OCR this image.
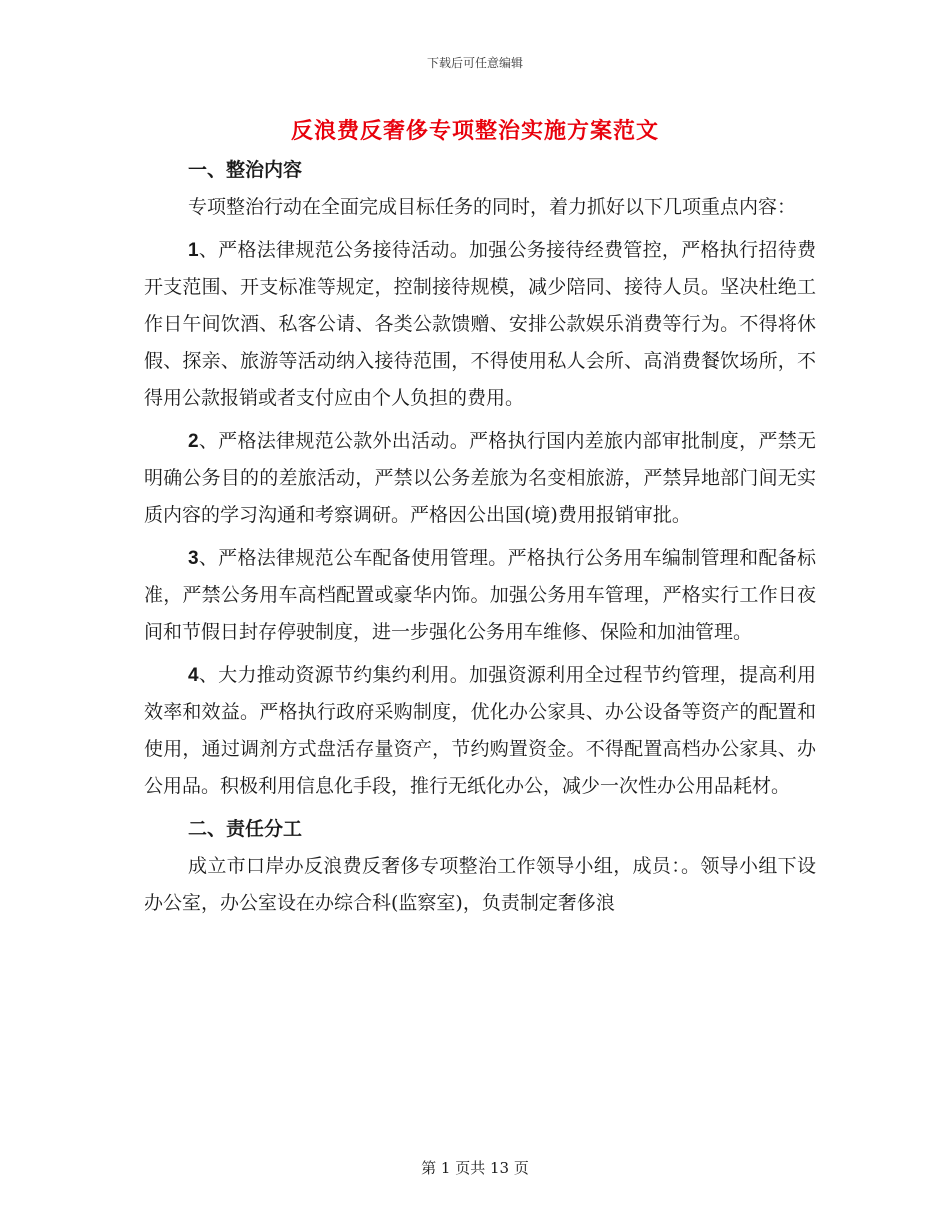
下载后可任意编辑
反浪费反奢侈专项整治实施方案范文
一、整治内容

专项整治行动在全面完成目标任务的同时，着力抓好以下几项重点内容：

1、严格法律规范公务接待活动。加强公务接待经费管控，严格执行招待费开支范围、开支标准等规定，控制接待规模，减少陪同、接待人员。坚决杜绝工作日午间饮酒、私客公请、各类公款馈赠、安排公款娱乐消费等行为。不得将休假、探亲、旅游等活动纳入接待范围，不得使用私人会所、高消费餐饮场所，不得用公款报销或者支付应由个人负担的费用。

2、严格法律规范公款外出活动。严格执行国内差旅内部审批制度，严禁无明确公务目的的差旅活动，严禁以公务差旅为名变相旅游，严禁异地部门间无实质内容的学习沟通和考察调研。严格因公出国(境)费用报销审批。

3、严格法律规范公车配备使用管理。严格执行公务用车编制管理和配备标准，严禁公务用车高档配置或豪华内饰。加强公务用车管理，严格实行工作日夜间和节假日封存停驶制度，进一步强化公务用车维修、保险和加油管理。

4、大力推动资源节约集约利用。加强资源利用全过程节约管理，提高利用效率和效益。严格执行政府采购制度，优化办公家具、办公设备等资产的配置和使用，通过调剂方式盘活存量资产，节约购置资金。不得配置高档办公家具、办公用品。积极利用信息化手段，推行无纸化办公，减少一次性办公用品耗材。

二、责任分工

成立市口岸办反浪费反奢侈专项整治工作领导小组，成员：。领导小组下设办公室，办公室设在办综合科(监察室)，负责制定奢侈浪

第 1 页共 13 页
